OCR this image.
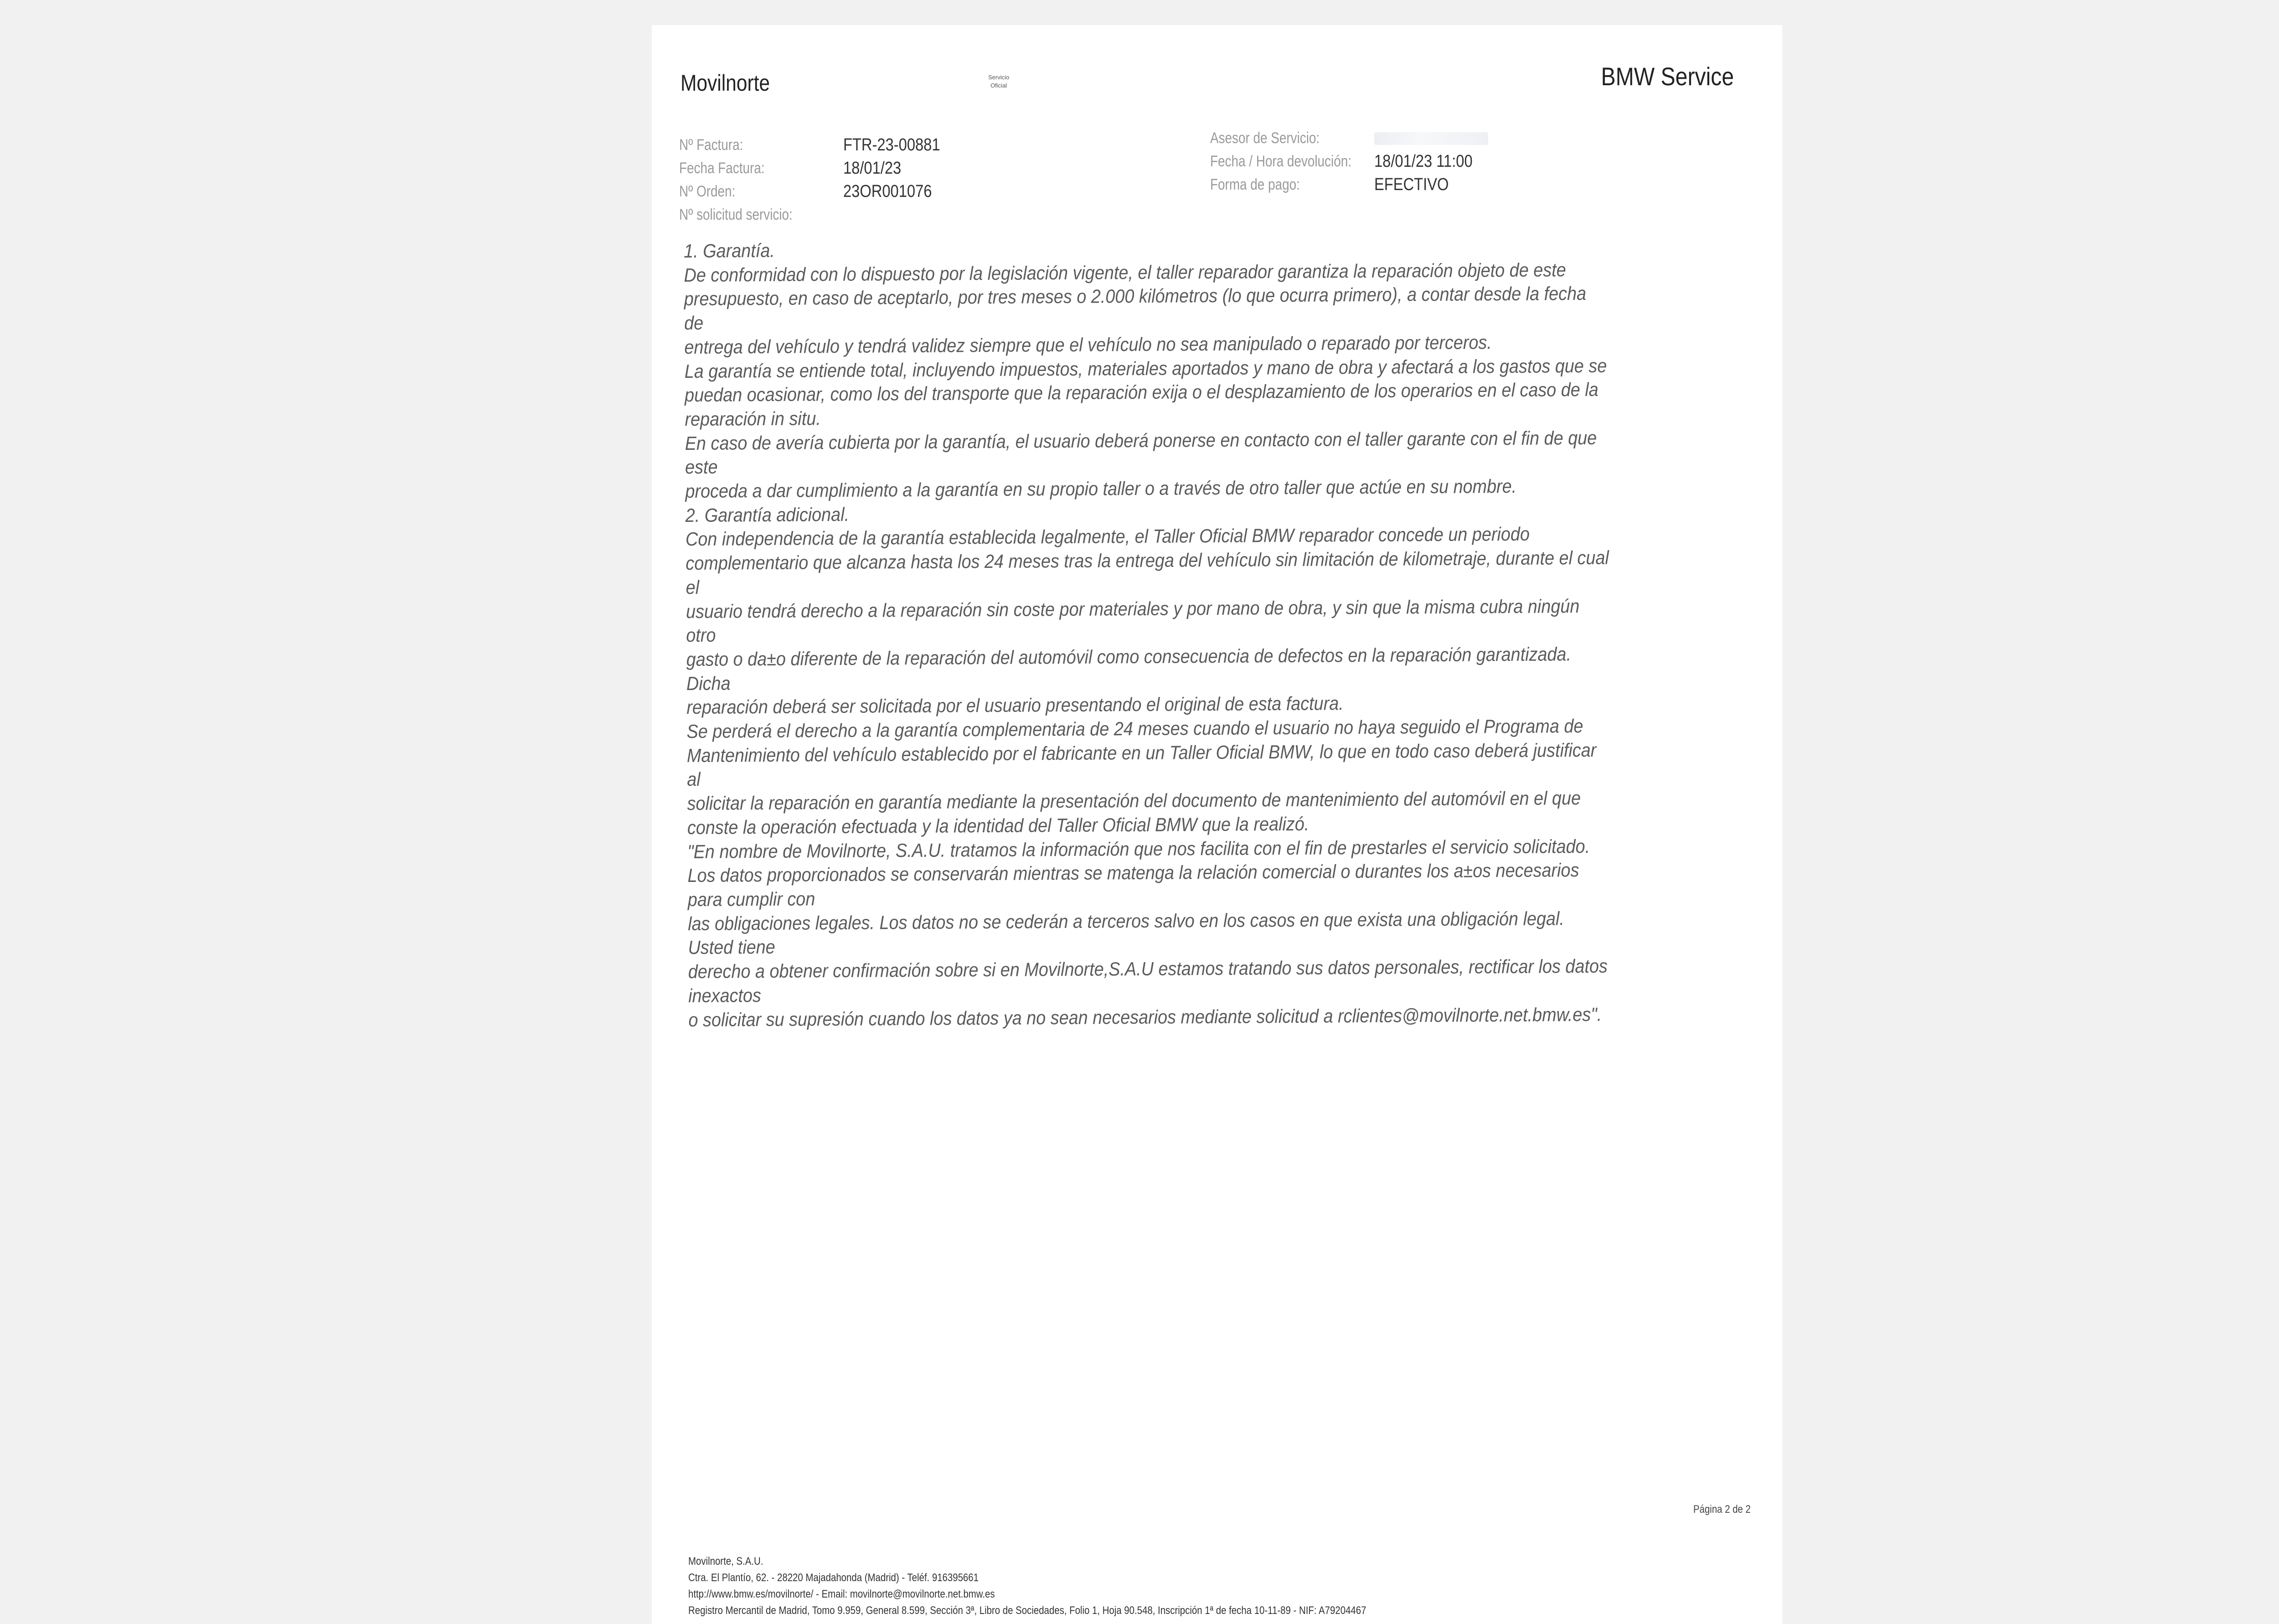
Movilnorte	Servicio
Oficial	BMW Service
Nº Factura:	FTR-23-00881
Fecha Factura:	18/01/23
Nº Orden:	23OR001076
Nº solicitud servicio:
Asesor de Servicio:
Fecha / Hora devolución: 18/01/23 11:00
Forma de pago:	EFECTIVO

1. Garantía.

De conformidad con lo dispuesto por la legislación vigente, el taller reparador garantiza la reparación objeto de este

presupuesto, en caso de aceptarlo, por tres meses o 2.000 kilómetros (lo que ocurra primero), a contar desde la fecha

de

entrega del vehículo y tendrá validez siempre que el vehículo no sea manipulado o reparado por terceros.

La garantía se entiende total, incluyendo impuestos, materiales aportados y mano de obra y afectará a los gastos que se

puedan ocasionar, como los del transporte que la reparación exija o el desplazamiento de los operarios en el caso de la

reparación in situ.

En caso de avería cubierta por la garantía, el usuario deberá ponerse en contacto con el taller garante con el fin de que

este

proceda a dar cumplimiento a la garantía en su propio taller o a través de otro taller que actúe en su nombre.

2. Garantía adicional.

Con independencia de la garantía establecida legalmente, el Taller Oficial BMW reparador concede un periodo

complementario que alcanza hasta los 24 meses tras la entrega del vehículo sin limitación de kilometraje, durante el cual

el

usuario tendrá derecho a la reparación sin coste por materiales y por mano de obra, y sin que la misma cubra ningún

otro

gasto o da±o diferente de la reparación del automóvil como consecuencia de defectos en la reparación garantizada.

Dicha

reparación deberá ser solicitada por el usuario presentando el original de esta factura.

Se perderá el derecho a la garantía complementaria de 24 meses cuando el usuario no haya seguido el Programa de

Mantenimiento del vehículo establecido por el fabricante en un Taller Oficial BMW, lo que en todo caso deberá justificar

al

solicitar la reparación en garantía mediante la presentación del documento de mantenimiento del automóvil en el que

conste la operación efectuada y la identidad del Taller Oficial BMW que la realizó.

"En nombre de Movilnorte, S.A.U. tratamos la información que nos facilita con el fin de prestarles el servicio solicitado.

Los datos proporcionados se conservarán mientras se matenga la relación comercial o durantes los a±os necesarios

para cumplir con

las obligaciones legales. Los datos no se cederán a terceros salvo en los casos en que exista una obligación legal.

Usted tiene

derecho a obtener confirmación sobre si en Movilnorte,S.A.U estamos tratando sus datos personales, rectificar los datos

inexactos

o solicitar su supresión cuando los datos ya no sean necesarios mediante solicitud a rclientes@movilnorte.net.bmw.es".

Página 2 de 2

Movilnorte, S.A.U.

Ctra. El Plantío, 62. - 28220 Majadahonda (Madrid) - Teléf. 916395661

http://www.bmw.es/movilnorte/ - Email: movilnorte@movilnorte.net.bmw.es

Registro Mercantil de Madrid, Tomo 9.959, General 8.599, Sección 3ª, Libro de Sociedades, Folio 1, Hoja 90.548, Inscripción 1ª de fecha 10-11-89 - NIF: A79204467
